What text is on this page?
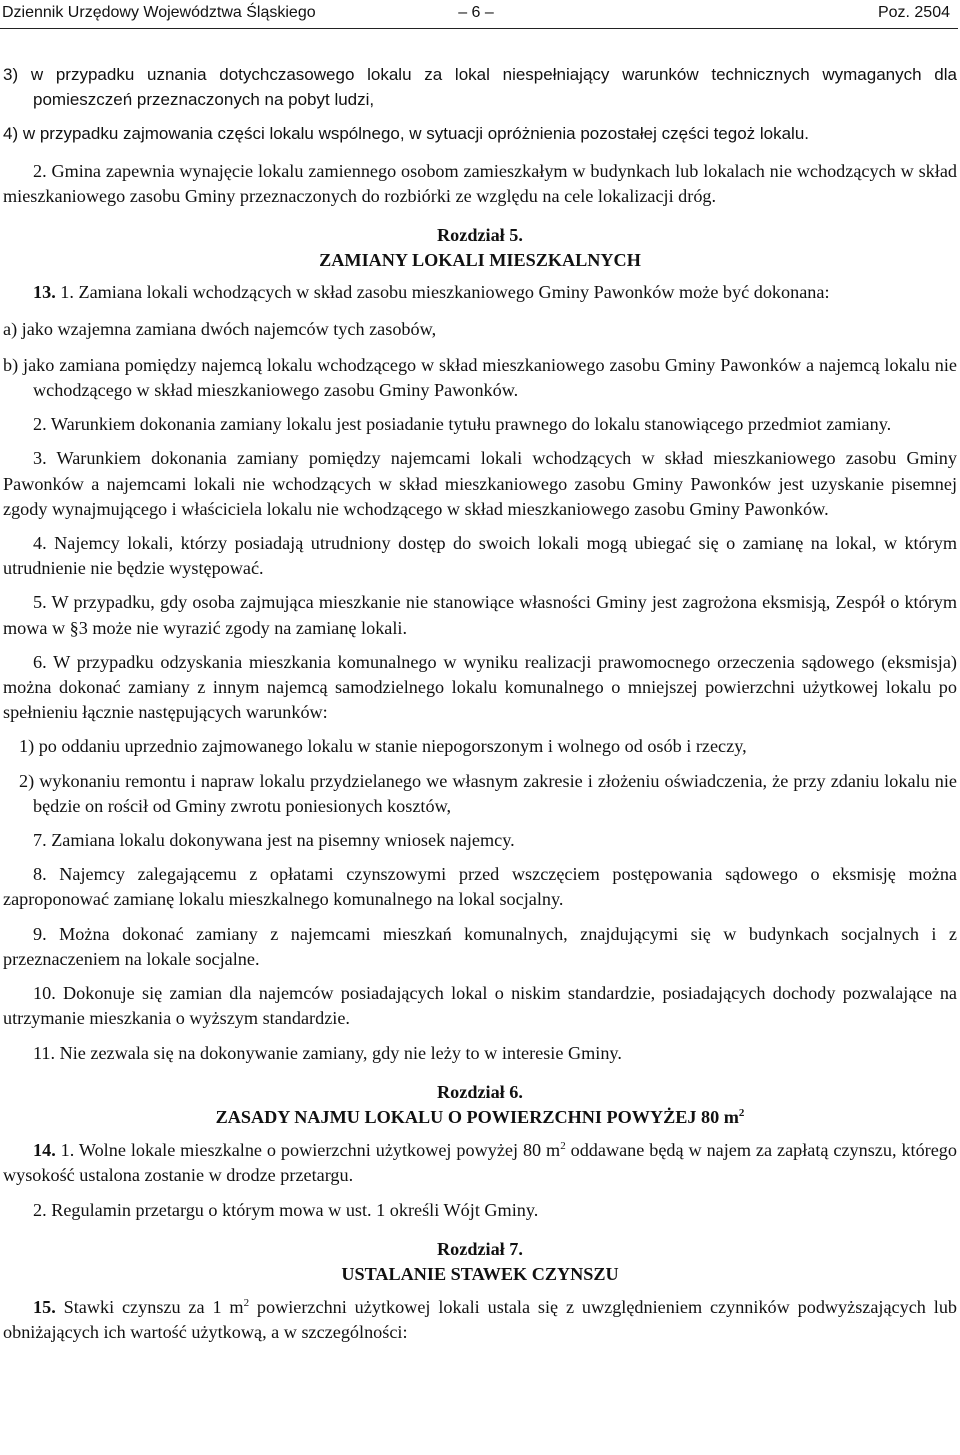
Dziennik Urzędowy Województwa Śląskiego	– 6 –	Poz. 2504

3) w przypadku uznania dotychczasowego lokalu za lokal niespełniający warunków technicznych wymaganych dla pomieszczeń przeznaczonych na pobyt ludzi,

4) w przypadku zajmowania części lokalu wspólnego, w sytuacji opróżnienia pozostałej części tegoż lokalu.

2. Gmina zapewnia wynajęcie lokalu zamiennego osobom zamieszkałym w budynkach lub lokalach nie wchodzących w skład mieszkaniowego zasobu Gminy przeznaczonych do rozbiórki ze względu na cele lokalizacji dróg.

Rozdział 5.

ZAMIANY LOKALI MIESZKALNYCH

13. 1. Zamiana lokali wchodzących w skład zasobu mieszkaniowego Gminy Pawonków może być dokonana:

a) jako wzajemna zamiana dwóch najemców tych zasobów,

b) jako zamiana pomiędzy najemcą lokalu wchodzącego w skład mieszkaniowego zasobu Gminy Pawonków a najemcą lokalu nie wchodzącego w skład mieszkaniowego zasobu Gminy Pawonków.

2. Warunkiem dokonania zamiany lokalu jest posiadanie tytułu prawnego do lokalu stanowiącego przedmiot zamiany.

3. Warunkiem dokonania zamiany pomiędzy najemcami lokali wchodzących w skład mieszkaniowego zasobu Gminy Pawonków a najemcami lokali nie wchodzących w skład mieszkaniowego zasobu Gminy Pawonków jest uzyskanie pisemnej zgody wynajmującego i właściciela lokalu nie wchodzącego w skład mieszkaniowego zasobu Gminy Pawonków.

4. Najemcy lokali, którzy posiadają utrudniony dostęp do swoich lokali mogą ubiegać się o zamianę na lokal, w którym utrudnienie nie będzie występować.

5. W przypadku, gdy osoba zajmująca mieszkanie nie stanowiące własności Gminy jest zagrożona eksmisją, Zespół o którym mowa w §3 może nie wyrazić zgody na zamianę lokali.

6. W przypadku odzyskania mieszkania komunalnego w wyniku realizacji prawomocnego orzeczenia sądowego (eksmisja) można dokonać zamiany z innym najemcą samodzielnego lokalu komunalnego o mniejszej powierzchni użytkowej lokalu po spełnieniu łącznie następujących warunków:

1) po oddaniu uprzednio zajmowanego lokalu w stanie niepogorszonym i wolnego od osób i rzeczy,

2) wykonaniu remontu i napraw lokalu przydzielanego we własnym zakresie i złożeniu oświadczenia, że przy zdaniu lokalu nie będzie on rościł od Gminy zwrotu poniesionych kosztów,

7. Zamiana lokalu dokonywana jest na pisemny wniosek najemcy.

8. Najemcy zalegającemu z opłatami czynszowymi przed wszczęciem postępowania sądowego o eksmisję można zaproponować zamianę lokalu mieszkalnego komunalnego na lokal socjalny.

9. Można dokonać zamiany z najemcami mieszkań komunalnych, znajdującymi się w budynkach socjalnych i z przeznaczeniem na lokale socjalne.

10. Dokonuje się zamian dla najemców posiadających lokal o niskim standardzie, posiadających dochody pozwalające na utrzymanie mieszkania o wyższym standardzie.

11. Nie zezwala się na dokonywanie zamiany, gdy nie leży to w interesie Gminy.

Rozdział 6.

ZASADY NAJMU LOKALU O POWIERZCHNI POWYŻEJ 80 $m^2$

14. 1. Wolne lokale mieszkalne o powierzchni użytkowej powyżej 80 $m^2$ oddawane będą w najem za zapłatą czynszu, którego wysokość ustalona zostanie w drodze przetargu.

2. Regulamin przetargu o którym mowa w ust. 1 określi Wójt Gminy.

Rozdział 7.

USTALANIE STAWEK CZYNSZU

15. Stawki czynszu za 1 $m^2$ powierzchni użytkowej lokali ustala się z uwzględnieniem czynników podwyższających lub obniżających ich wartość użytkową, a w szczególności:
